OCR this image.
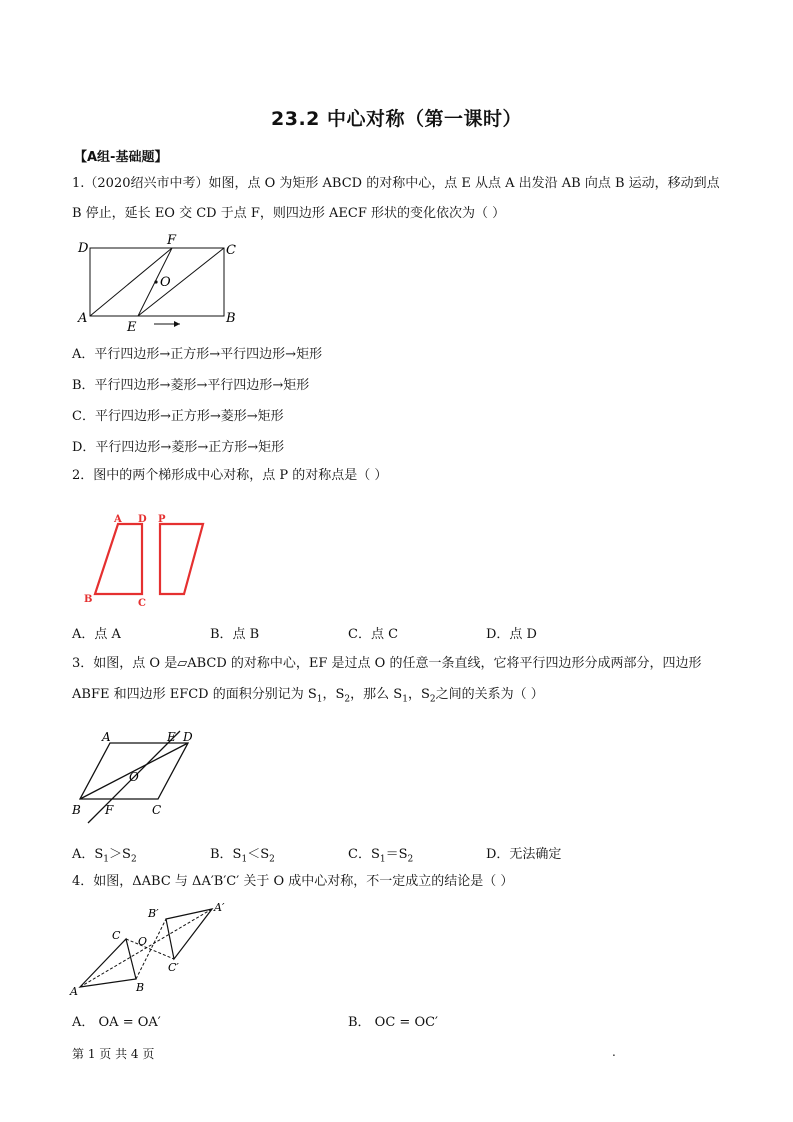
23.2 中心对称（第一课时）
【A组-基础题】
1.（2020绍兴市中考）如图，点 O 为矩形 ABCD 的对称中心，点 E 从点 A 出发沿 AB 向点 B 运动，移动到点
B 停止，延长 EO 交 CD 于点 F，则四边形 AECF 形状的变化依次为（ ）
D
F
C
O
A	B
E
A．平行四边形→正方形→平行四边形→矩形
B．平行四边形→菱形→平行四边形→矩形
C．平行四边形→正方形→菱形→矩形
D．平行四边形→菱形→正方形→矩形
2．图中的两个梯形成中心对称，点 P 的对称点是（ ）
A D P
B	C
A．点 A	B．点 B	C．点 C	D．点 D
3．如图，点 O 是▱ABCD 的对称中心，EF 是过点 O 的任意一条直线，它将平行四边形分成两部分，四边形
ABFE 和四边形 EFCD 的面积分别记为 $S_1$，$S_2$，那么 $S_1$，$S_2$之间的关系为（ ）
A	E D
O
B F	C
A．$S_1>S_2$	B．$S_1<S_2$	C．$S_1=S_2$	D．无法确定
4．如图，ΔABC 与 ΔA′B′C′ 关于 O 成中心对称，不一定成立的结论是（ ）
A	B
C O
A′
B′
C′
A． OA = OA′	B． OC = OC′
第 1 页 共 4 页	.
